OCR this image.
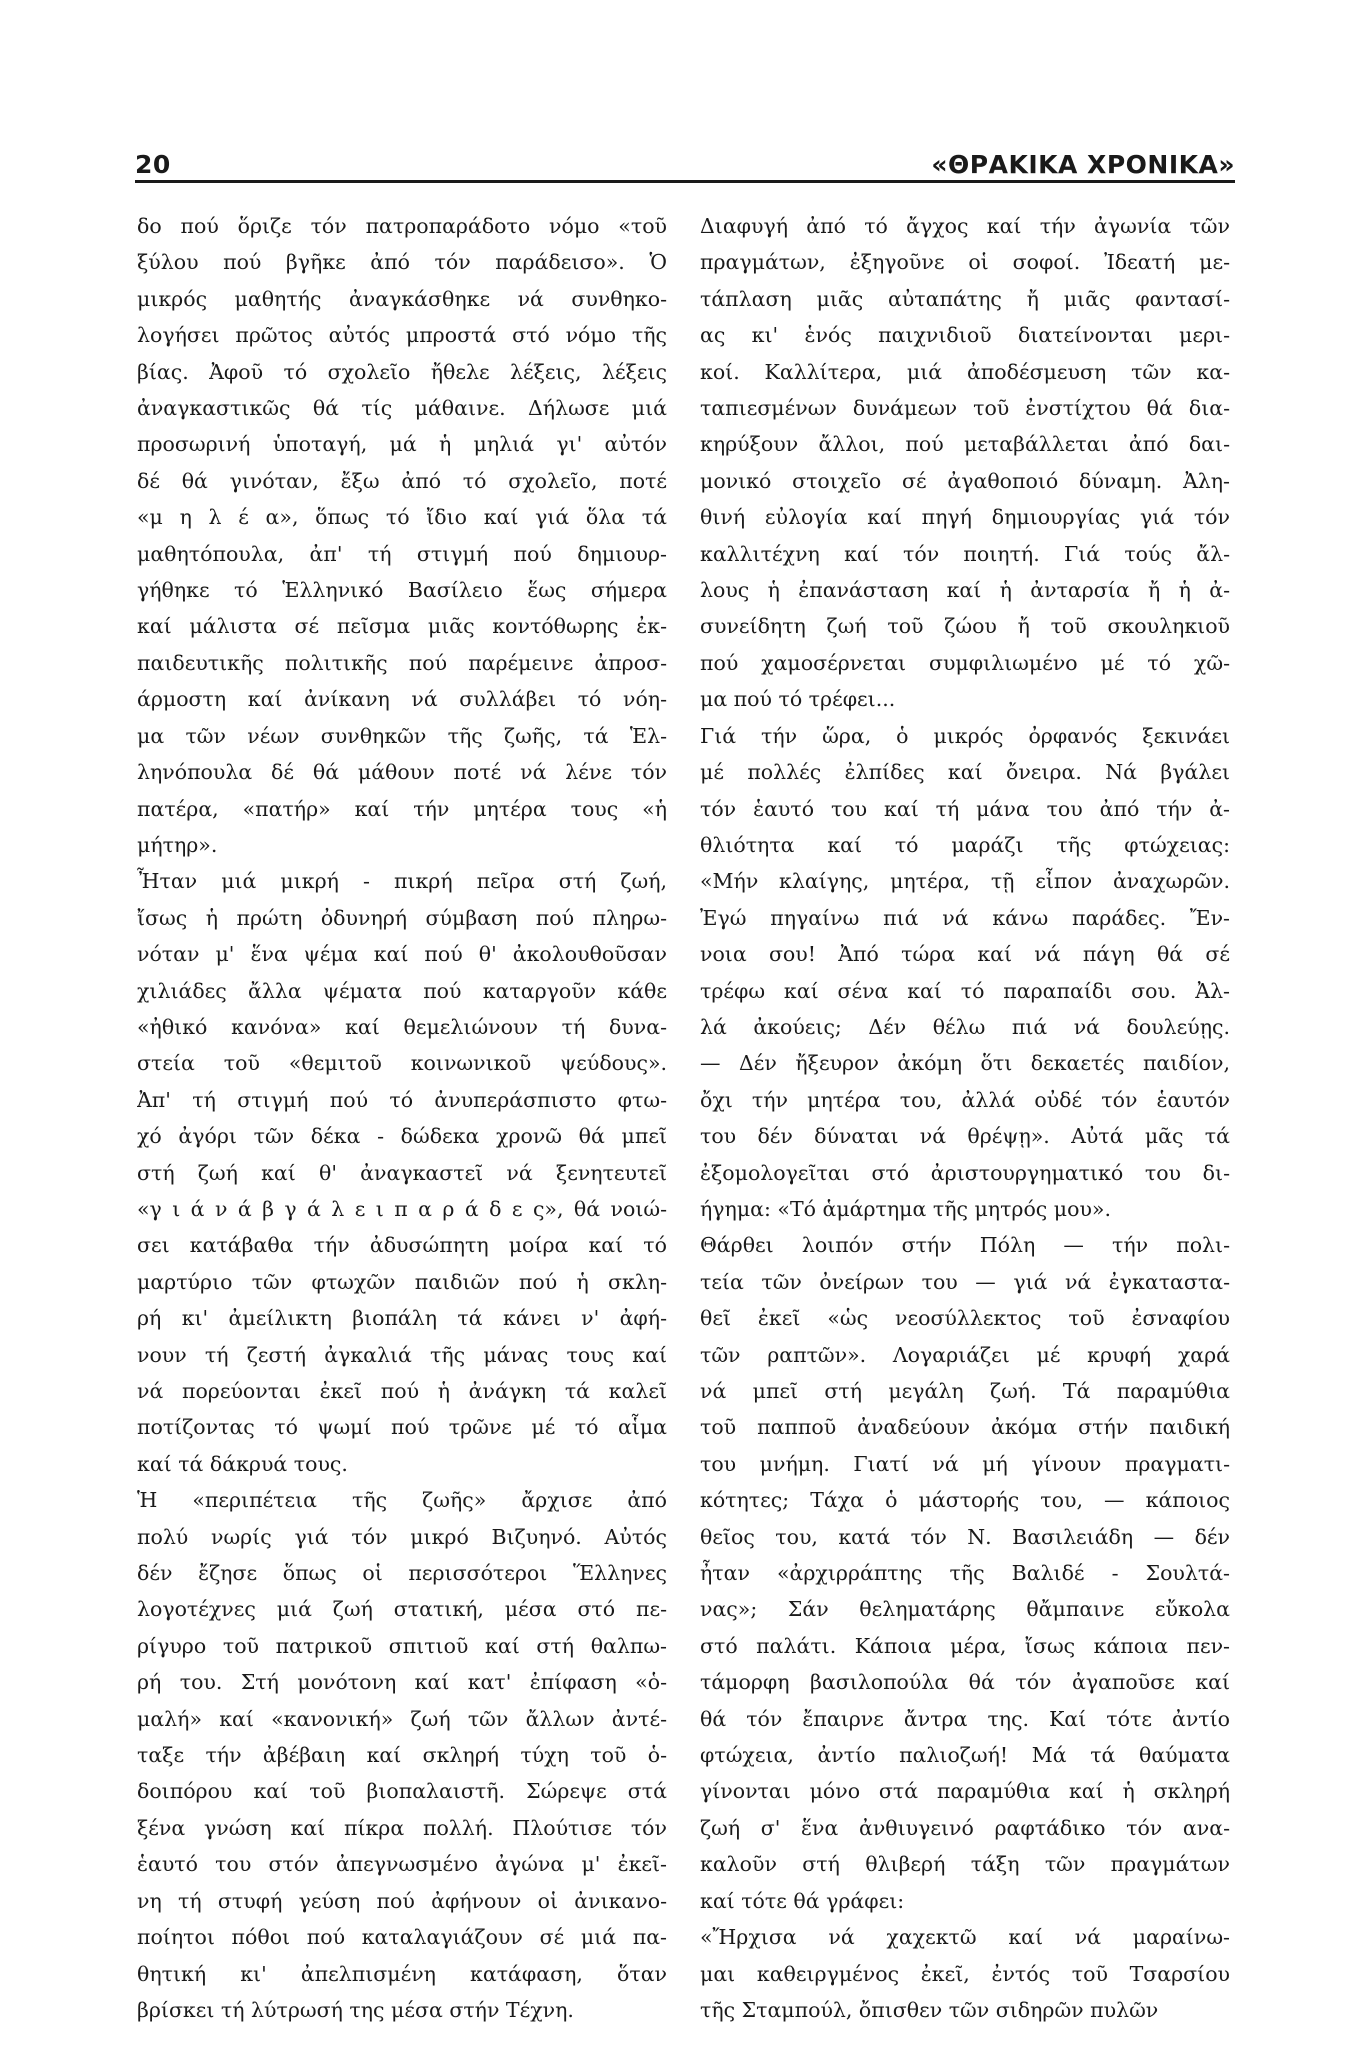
20	«ΘΡΑΚΙΚΑ ΧΡΟΝΙΚΑ»

δο πού ὅριζε τόν πατροπαράδοτο νόμο «τοῦ

ξύλου πού βγῆκε ἀπό τόν παράδεισο». Ὁ

μικρός μαθητής ἀναγκάσθηκε νά συνθηκο-

λογήσει πρῶτος αὐτός μπροστά στό νόμο τῆς

βίας. Ἀφοῦ τό σχολεῖο ἤθελε λέξεις, λέξεις

ἀναγκαστικῶς θά τίς μάθαινε. Δήλωσε μιά

προσωρινή ὑποταγή, μά ἡ μηλιά γι' αὐτόν

δέ θά γινόταν, ἔξω ἀπό τό σχολεῖο, ποτέ

«μ η λ έ α», ὅπως τό ἴδιο καί γιά ὅλα τά

μαθητόπουλα, ἀπ' τή στιγμή πού δημιουρ-

γήθηκε τό Ἑλληνικό Βασίλειο ἕως σήμερα

καί μάλιστα σέ πεῖσμα μιᾶς κοντόθωρης ἐκ-

παιδευτικῆς πολιτικῆς πού παρέμεινε ἀπροσ-

άρμοστη καί ἀνίκανη νά συλλάβει τό νόη-

μα τῶν νέων συνθηκῶν τῆς ζωῆς, τά Ἑλ-

ληνόπουλα δέ θά μάθουν ποτέ νά λένε τόν

πατέρα, «πατήρ» καί τήν μητέρα τους «ἡ

μήτηρ».

Ἦταν μιά μικρή - πικρή πεῖρα στή ζωή,

ἴσως ἡ πρώτη ὀδυνηρή σύμβαση πού πληρω-

νόταν μ' ἕνα ψέμα καί πού θ' ἀκολουθοῦσαν

χιλιάδες ἄλλα ψέματα πού καταργοῦν κάθε

«ἠθικό κανόνα» καί θεμελιώνουν τή δυνα-

στεία τοῦ «θεμιτοῦ κοινωνικοῦ ψεύδους».

Ἀπ' τή στιγμή πού τό ἀνυπεράσπιστο φτω-

χό ἀγόρι τῶν δέκα - δώδεκα χρονῶ θά μπεῖ

στή ζωή καί θ' ἀναγκαστεῖ νά ξενητευτεῖ

«γ ι ά ν ά β γ ά λ ε ι π α ρ ά δ ε ς», θά νοιώ-

σει κατάβαθα τήν ἀδυσώπητη μοίρα καί τό

μαρτύριο τῶν φτωχῶν παιδιῶν πού ἡ σκλη-

ρή κι' ἀμείλικτη βιοπάλη τά κάνει ν' ἀφή-

νουν τή ζεστή ἀγκαλιά τῆς μάνας τους καί

νά πορεύονται ἐκεῖ πού ἡ ἀνάγκη τά καλεῖ

ποτίζοντας τό ψωμί πού τρῶνε μέ τό αἷμα

καί τά δάκρυά τους.

Ἡ «περιπέτεια τῆς ζωῆς» ἄρχισε ἀπό

πολύ νωρίς γιά τόν μικρό Βιζυηνό. Αὐτός

δέν ἔζησε ὅπως οἱ περισσότεροι Ἕλληνες

λογοτέχνες μιά ζωή στατική, μέσα στό πε-

ρίγυρο τοῦ πατρικοῦ σπιτιοῦ καί στή θαλπω-

ρή του. Στή μονότονη καί κατ' ἐπίφαση «ὁ-

μαλή» καί «κανονική» ζωή τῶν ἄλλων ἀντέ-

ταξε τήν ἀβέβαιη καί σκληρή τύχη τοῦ ὁ-

δοιπόρου καί τοῦ βιοπαλαιστῆ. Σώρεψε στά

ξένα γνώση καί πίκρα πολλή. Πλούτισε τόν

ἑαυτό του στόν ἀπεγνωσμένο ἀγώνα μ' ἐκεῖ-

νη τή στυφή γεύση πού ἀφήνουν οἱ ἀνικανο-

ποίητοι πόθοι πού καταλαγιάζουν σέ μιά πα-

θητική κι' ἀπελπισμένη κατάφαση, ὅταν

βρίσκει τή λύτρωσή της μέσα στήν Τέχνη.

Διαφυγή ἀπό τό ἄγχος καί τήν ἀγωνία τῶν

πραγμάτων, ἐξηγοῦνε οἱ σοφοί. Ἰδεατή με-

τάπλαση μιᾶς αὐταπάτης ἤ μιᾶς φαντασί-

ας κι' ἑνός παιχνιδιοῦ διατείνονται μερι-

κοί. Καλλίτερα, μιά ἀποδέσμευση τῶν κα-

ταπιεσμένων δυνάμεων τοῦ ἐνστίχτου θά δια-

κηρύξουν ἄλλοι, πού μεταβάλλεται ἀπό δαι-

μονικό στοιχεῖο σέ ἀγαθοποιό δύναμη. Ἀλη-

θινή εὐλογία καί πηγή δημιουργίας γιά τόν

καλλιτέχνη καί τόν ποιητή. Γιά τούς ἄλ-

λους ἡ ἐπανάσταση καί ἡ ἀνταρσία ἤ ἡ ἀ-

συνείδητη ζωή τοῦ ζώου ἤ τοῦ σκουληκιοῦ

πού χαμοσέρνεται συμφιλιωμένο μέ τό χῶ-

μα πού τό τρέφει...

Γιά τήν ὥρα, ὁ μικρός ὀρφανός ξεκινάει

μέ πολλές ἐλπίδες καί ὄνειρα. Νά βγάλει

τόν ἑαυτό του καί τή μάνα του ἀπό τήν ἀ-

θλιότητα καί τό μαράζι τῆς φτώχειας:

«Μήν κλαίγης, μητέρα, τῇ εἶπον ἀναχωρῶν.

Ἐγώ πηγαίνω πιά νά κάνω παράδες. Ἔν-

νοια σου! Ἀπό τώρα καί νά πάγη θά σέ

τρέφω καί σένα καί τό παραπαίδι σου. Ἀλ-

λά ἀκούεις; Δέν θέλω πιά νά δουλεύῃς.

— Δέν ἤξευρον ἀκόμη ὅτι δεκαετές παιδίον,

ὄχι τήν μητέρα του, ἀλλά οὐδέ τόν ἑαυτόν

του δέν δύναται νά θρέψῃ». Αὐτά μᾶς τά

ἐξομολογεῖται στό ἀριστουργηματικό του δι-

ήγημα: «Τό ἁμάρτημα τῆς μητρός μου».

Θάρθει λοιπόν στήν Πόλη — τήν πολι-

τεία τῶν ὀνείρων του — γιά νά ἐγκαταστα-

θεῖ ἐκεῖ «ὡς νεοσύλλεκτος τοῦ ἐσναφίου

τῶν ραπτῶν». Λογαριάζει μέ κρυφή χαρά

νά μπεῖ στή μεγάλη ζωή. Τά παραμύθια

τοῦ παπποῦ ἀναδεύουν ἀκόμα στήν παιδική

του μνήμη. Γιατί νά μή γίνουν πραγματι-

κότητες; Τάχα ὁ μάστορής του, — κάποιος

θεῖος του, κατά τόν Ν. Βασιλειάδη — δέν

ἦταν «ἀρχιρράπτης τῆς Βαλιδέ - Σουλτά-

νας»; Σάν θεληματάρης θἄμπαινε εὔκολα

στό παλάτι. Κάποια μέρα, ἴσως κάποια πεν-

τάμορφη βασιλοπούλα θά τόν ἀγαποῦσε καί

θά τόν ἔπαιρνε ἄντρα της. Καί τότε ἀντίο

φτώχεια, ἀντίο παλιοζωή! Μά τά θαύματα

γίνονται μόνο στά παραμύθια καί ἡ σκληρή

ζωή σ' ἕνα ἀνθιυγεινό ραφτάδικο τόν ανα-

καλοῦν στή θλιβερή τάξη τῶν πραγμάτων

καί τότε θά γράφει:

«Ἤρχισα νά χαχεκτῶ καί νά μαραίνω-

μαι καθειργμένος ἐκεῖ, ἐντός τοῦ Τσαρσίου

τῆς Σταμπούλ, ὄπισθεν τῶν σιδηρῶν πυλῶν
